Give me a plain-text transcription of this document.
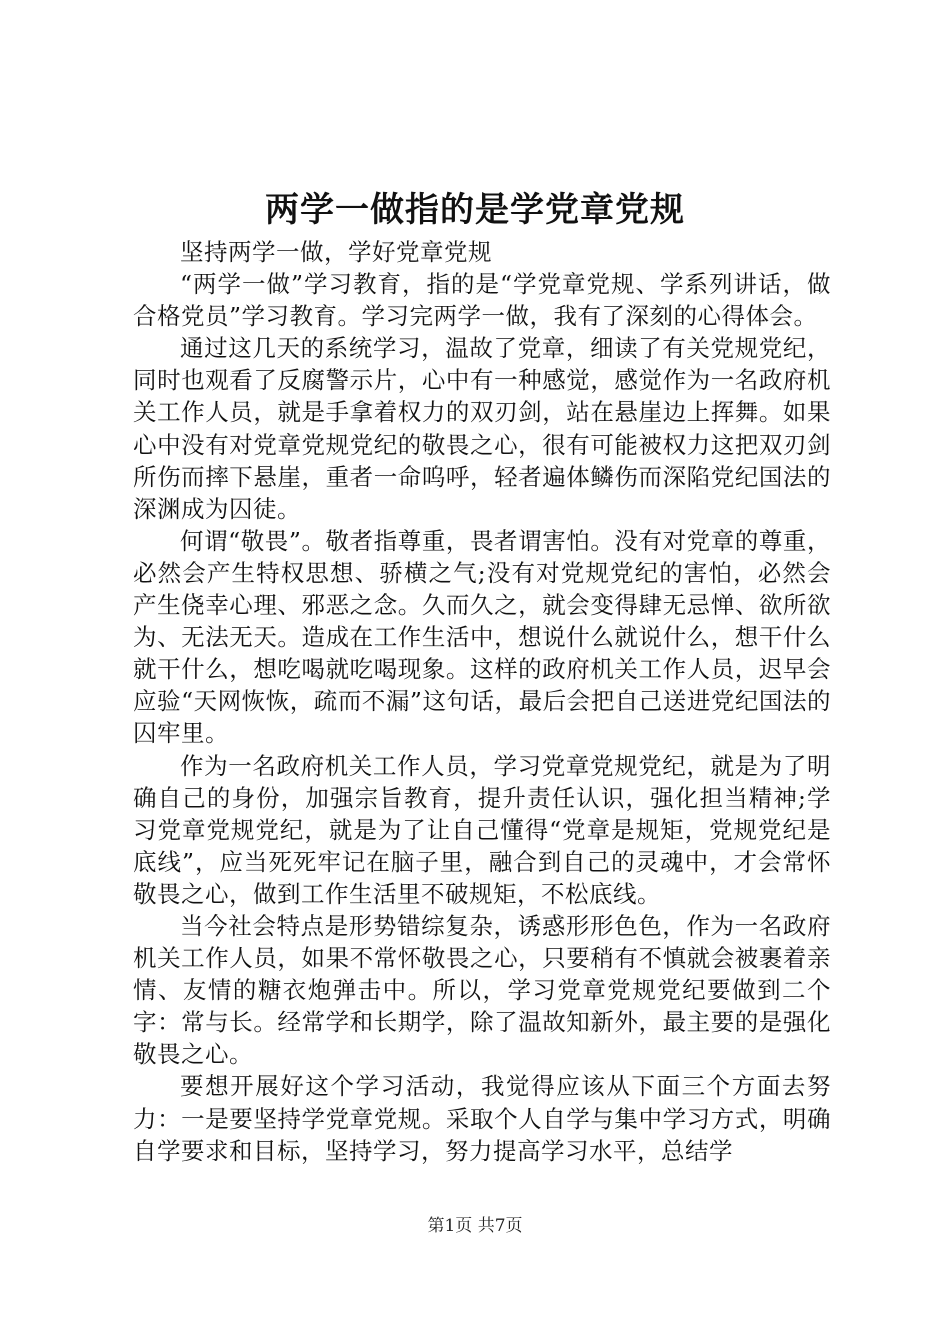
两学一做指的是学党章党规

坚持两学一做，学好党章党规

“两学一做”学习教育，指的是“学党章党规、学系列讲话，做合格党员”学习教育。学习完两学一做，我有了深刻的心得体会。

通过这几天的系统学习，温故了党章，细读了有关党规党纪，同时也观看了反腐警示片，心中有一种感觉，感觉作为一名政府机关工作人员，就是手拿着权力的双刃剑，站在悬崖边上挥舞。如果心中没有对党章党规党纪的敬畏之心，很有可能被权力这把双刃剑所伤而摔下悬崖，重者一命呜呼，轻者遍体鳞伤而深陷党纪国法的深渊成为囚徒。

何谓“敬畏”。敬者指尊重，畏者谓害怕。没有对党章的尊重，必然会产生特权思想、骄横之气;没有对党规党纪的害怕，必然会产生侥幸心理、邪恶之念。久而久之，就会变得肆无忌惮、欲所欲为、无法无天。造成在工作生活中，想说什么就说什么，想干什么就干什么，想吃喝就吃喝现象。这样的政府机关工作人员，迟早会应验“天网恢恢，疏而不漏”这句话，最后会把自己送进党纪国法的囚牢里。

作为一名政府机关工作人员，学习党章党规党纪，就是为了明确自己的身份，加强宗旨教育，提升责任认识，强化担当精神;学习党章党规党纪，就是为了让自己懂得“党章是规矩，党规党纪是底线”，应当死死牢记在脑子里，融合到自己的灵魂中，才会常怀敬畏之心，做到工作生活里不破规矩，不松底线。

当今社会特点是形势错综复杂，诱惑形形色色，作为一名政府机关工作人员，如果不常怀敬畏之心，只要稍有不慎就会被裹着亲情、友情的糖衣炮弹击中。所以，学习党章党规党纪要做到二个字：常与长。经常学和长期学，除了温故知新外，最主要的是强化敬畏之心。

要想开展好这个学习活动，我觉得应该从下面三个方面去努力：一是要坚持学党章党规。采取个人自学与集中学习方式，明确自学要求和目标，坚持学习，努力提高学习水平，总结学

第1页 共7页
